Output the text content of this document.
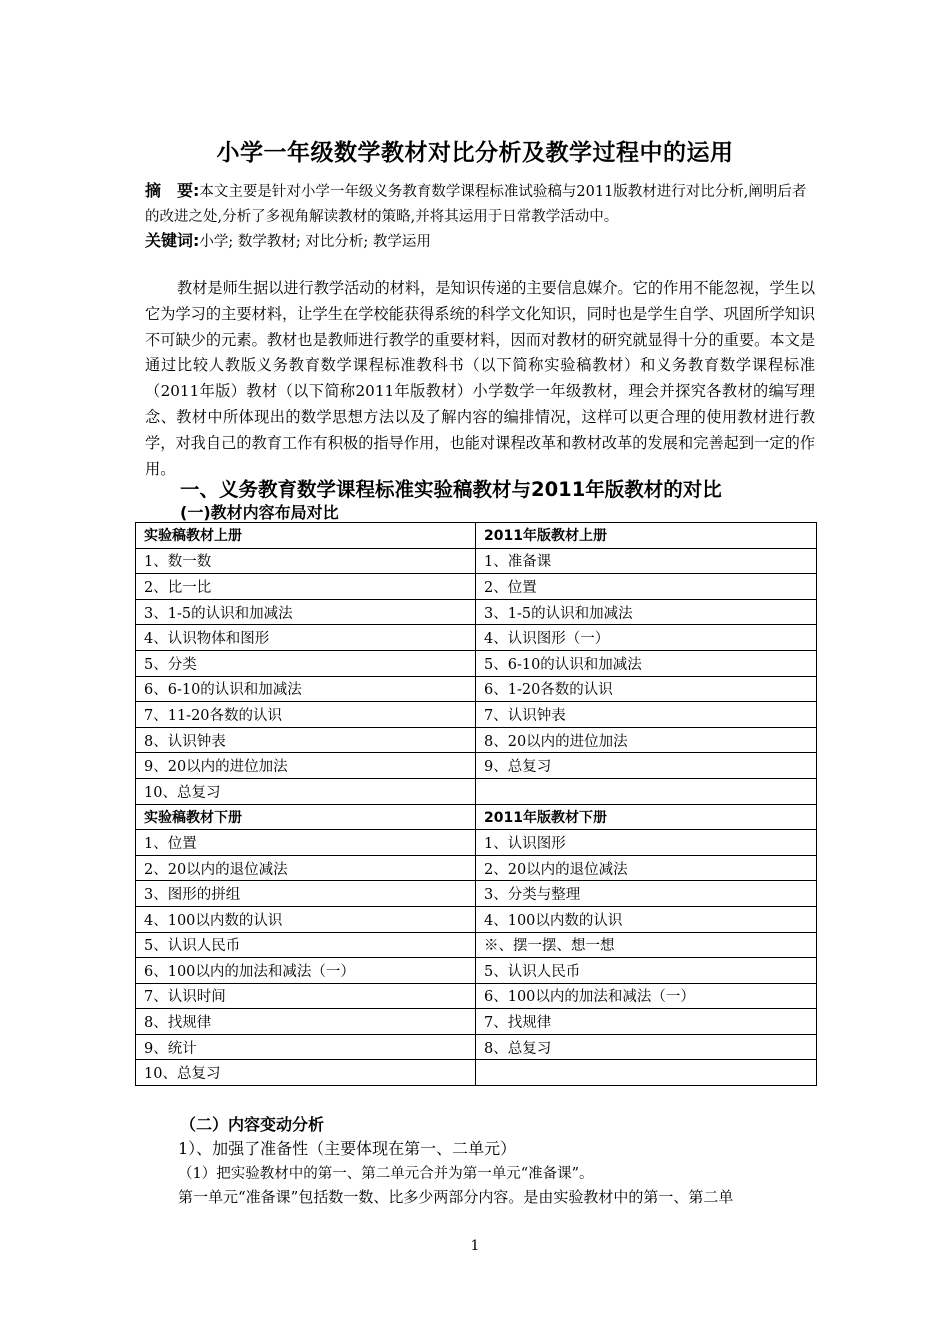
小学一年级数学教材对比分析及教学过程中的运用
摘　要:本文主要是针对小学一年级义务教育数学课程标准试验稿与2011版教材进行对比分析,阐明后者的改进之处,分析了多视角解读教材的策略,并将其运用于日常教学活动中。
关键词:小学; 数学教材; 对比分析; 教学运用
教材是师生据以进行教学活动的材料，是知识传递的主要信息媒介。它的作用不能忽视，学生以它为学习的主要材料，让学生在学校能获得系统的科学文化知识，同时也是学生自学、巩固所学知识不可缺少的元素。教材也是教师进行教学的重要材料，因而对教材的研究就显得十分的重要。本文是通过比较人教版义务教育数学课程标准教科书（以下简称实验稿教材）和义务教育数学课程标准（2011年版）教材（以下简称2011年版教材）小学数学一年级教材，理会并探究各教材的编写理念、教材中所体现出的数学思想方法以及了解内容的编排情况，这样可以更合理的使用教材进行教学，对我自己的教育工作有积极的指导作用，也能对课程改革和教材改革的发展和完善起到一定的作用。
一、义务教育数学课程标准实验稿教材与2011年版教材的对比
(一)教材内容布局对比
实验稿教材上册	2011年版教材上册
1、数一数	1、准备课
2、比一比	2、位置
3、1-5的认识和加减法	3、1-5的认识和加减法
4、认识物体和图形	4、认识图形（一）
5、分类	5、6-10的认识和加减法
6、6-10的认识和加减法	6、1-20各数的认识
7、11-20各数的认识	7、认识钟表
8、认识钟表	8、20以内的进位加法
9、20以内的进位加法	9、总复习
10、总复习	
实验稿教材下册	2011年版教材下册
1、位置	1、认识图形
2、20以内的退位减法	2、20以内的退位减法
3、图形的拼组	3、分类与整理
4、100以内数的认识	4、100以内数的认识
5、认识人民币	※、摆一摆、想一想
6、100以内的加法和减法（一）	5、认识人民币
7、认识时间	6、100以内的加法和减法（一）
8、找规律	7、找规律
9、统计	8、总复习
10、总复习	
（二）内容变动分析
1）、加强了准备性（主要体现在第一、二单元）
（1）把实验教材中的第一、第二单元合并为第一单元“准备课”。
第一单元“准备课”包括数一数、比多少两部分内容。是由实验教材中的第一、第二单
1
